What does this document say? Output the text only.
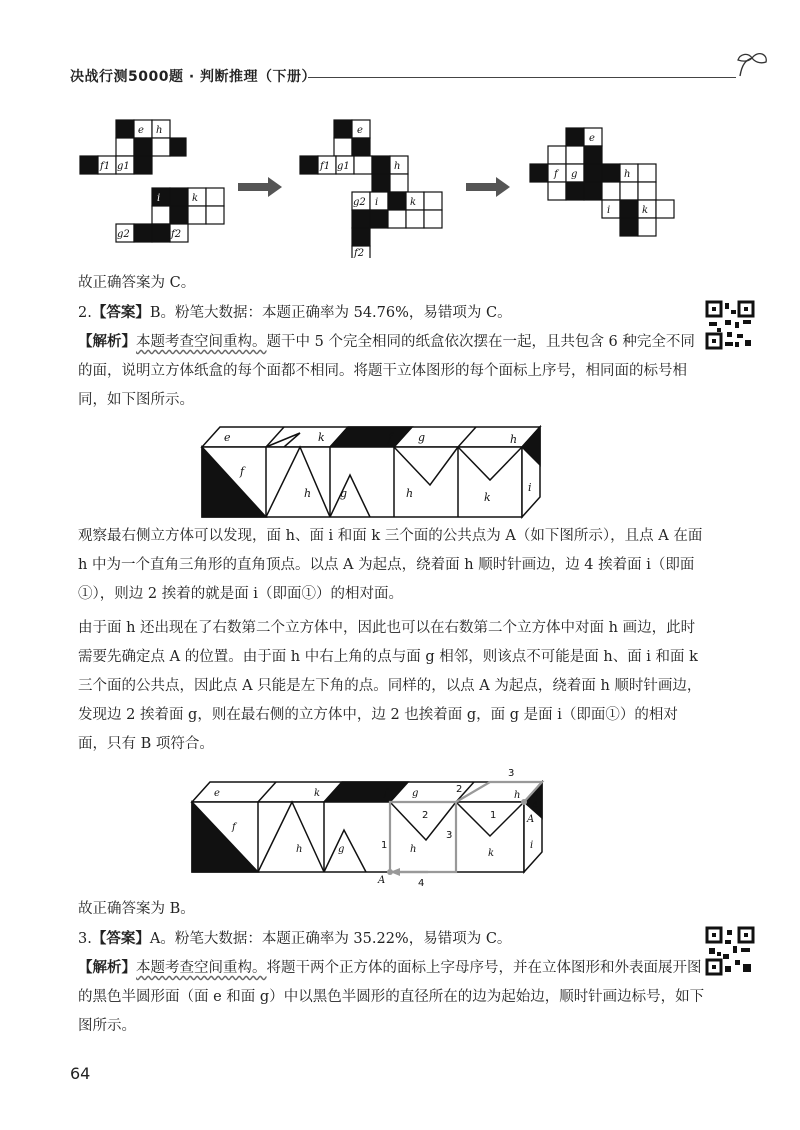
决战行测5000题 · 判断推理（下册）
e h
f1 g1
i	k
g2	f2
e
f1 g1	h
g2 i	k
f2
e
f g	h
i	k

故正确答案为 C。

2.【答案】B。粉笔大数据：本题正确率为 54.76%，易错项为 C。

【解析】本题考查空间重构。题干中 5 个完全相同的纸盒依次摆在一起，且共包含 6 种完全不同的面，说明立方体纸盒的每个面都不相同。将题干立体图形的每个面标上序号，相同面的标号相同，如下图所示。

e	k	f g	h
f
h	g	h	k
i

观察最右侧立方体可以发现，面 h、面 i 和面 k 三个面的公共点为 A（如下图所示），且点 A 在面 h 中为一个直角三角形的直角顶点。以点 A 为起点，绕着面 h 顺时针画边，边 4 挨着面 i（即面①），则边 2 挨着的就是面 i（即面①）的相对面。

由于面 h 还出现在了右数第二个立方体中，因此也可以在右数第二个立方体中对面 h 画边，此时需要先确定点 A 的位置。由于面 h 中右上角的点与面 g 相邻，则该点不可能是面 h、面 i 和面 k 三个面的公共点，因此点 A 只能是左下角的点。同样的，以点 A 为起点，绕着面 h 顺时针画边，发现边 2 挨着面 g，则在最右侧的立方体中，边 2 也挨着面 g，面 g 是面 i（即面①）的相对面，只有 B 项符合。

e	k	f g	h
f
h	g	h	k
i
1
2
3
4
1
2
3
4
A
A
A

故正确答案为 B。

3.【答案】A。粉笔大数据：本题正确率为 35.22%，易错项为 C。

【解析】本题考查空间重构。将题干两个正方体的面标上字母序号，并在立体图形和外表面展开图的黑色半圆形面（面 e 和面 g）中以黑色半圆形的直径所在的边为起始边，顺时针画边标号，如下图所示。

64
